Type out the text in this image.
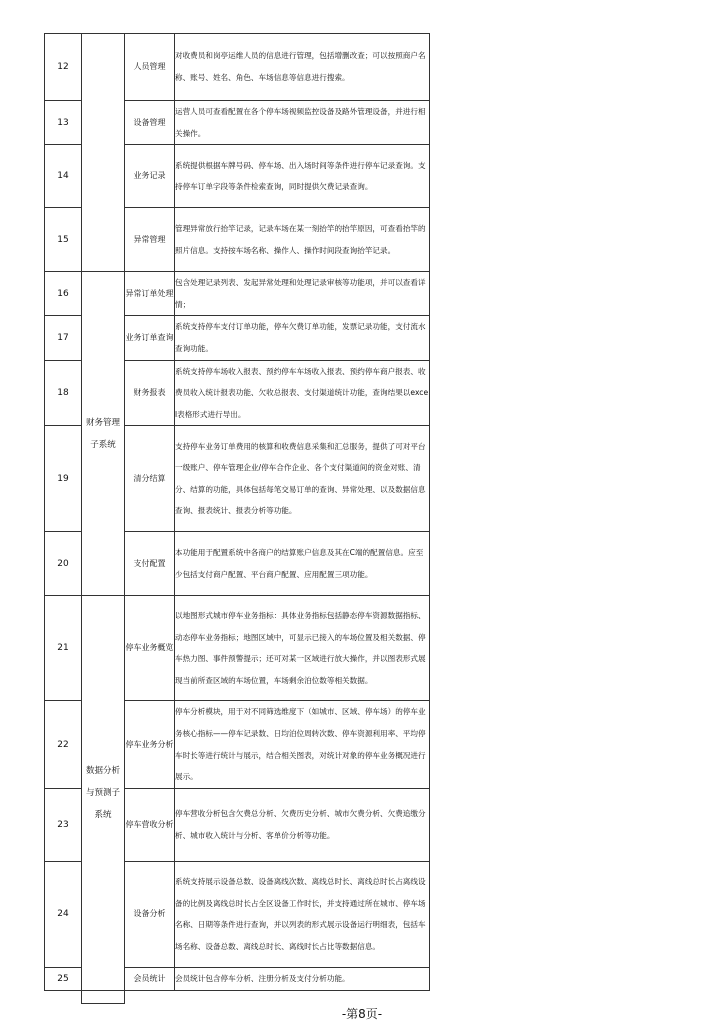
12		人员管理	对收费员和岗亭运维人员的信息进行管理，包括增删改查；可以按照商户名称、账号、姓名、角色、车场信息等信息进行搜索。
13		设备管理	运营人员可查看配置在各个停车场视频监控设备及路外管理设备，并进行相关操作。
14		业务记录	系统提供根据车牌号码、停车场、出入场时间等条件进行停车记录查询。支持停车订单字段等条件检索查询，同时提供欠费记录查询。
15		异常管理	管理异常放行抬竿记录，记录车场在某一刻抬竿的抬竿原因，可查看抬竿的照片信息。支持按车场名称、操作人、操作时间段查询抬竿记录。
16	财务管理子系统	异常订单处理	包含处理记录列表、发起异常处理和处理记录审核等功能项，并可以查看详情；
17		业务订单查询	系统支持停车支付订单功能，停车欠费订单功能，发票记录功能，支付流水查询功能。
18		财务报表	系统支持停车场收入报表、预约停车车场收入报表、预约停车商户报表、收费员收入统计报表功能、欠收总报表、支付渠道统计功能，查询结果以excel表格形式进行导出。
19		清分结算	支持停车业务订单费用的核算和收费信息采集和汇总服务，提供了可对平台一级账户、停车管理企业/停车合作企业、各个支付渠道间的资金对账、清分、结算的功能，具体包括每笔交易订单的查询、异常处理、以及数据信息查询、报表统计、报表分析等功能。
20		支付配置	本功能用于配置系统中各商户的结算账户信息及其在C端的配置信息。应至少包括支付商户配置、平台商户配置、应用配置三项功能。
21	数据分析与预测子系统	停车业务概览	以地图形式城市停车业务指标：具体业务指标包括静态停车资源数据指标、动态停车业务指标；地图区域中，可显示已接入的车场位置及相关数据、停车热力图、事件预警提示；还可对某一区域进行放大操作，并以图表形式展现当前所查区域的车场位置，车场剩余泊位数等相关数据。
22		停车业务分析	停车分析模块，用于对不同筛选维度下（如城市、区域、停车场）的停车业务核心指标——停车记录数、日均泊位周转次数、停车资源利用率、平均停车时长等进行统计与展示，结合相关图表，对统计对象的停车业务概况进行展示。
23		停车营收分析	停车营收分析包含欠费总分析、欠费历史分析、城市欠费分析、欠费追缴分析、城市收入统计与分析、客单价分析等功能。
24		设备分析	系统支持展示设备总数、设备离线次数、离线总时长、离线总时长占离线设备的比例及离线总时长占全区设备工作时长，并支持通过所在城市、停车场名称、日期等条件进行查询，并以列表的形式展示设备运行明细表，包括车场名称、设备总数、离线总时长、离线时长占比等数据信息。
25		会员统计	会员统计包含停车分析、注册分析及支付分析功能。

-第8页-
